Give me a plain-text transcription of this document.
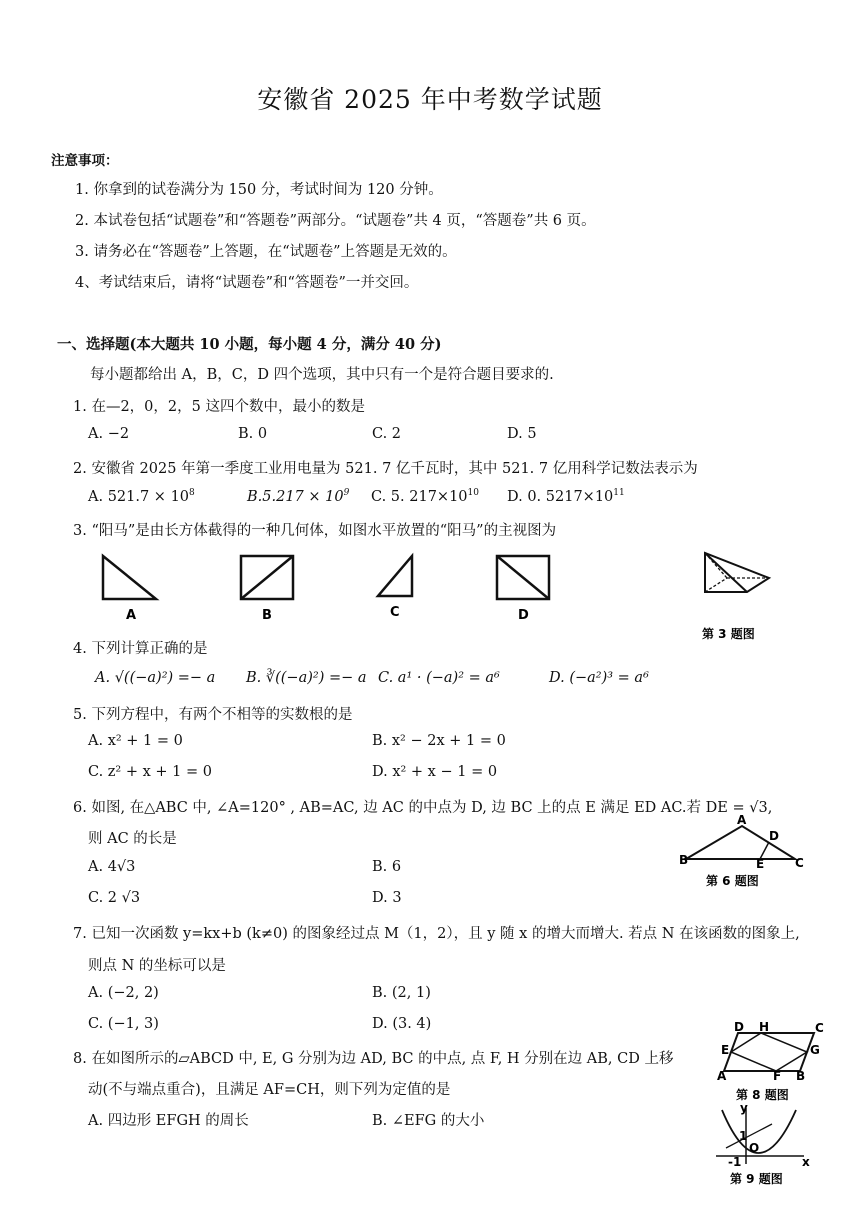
安徽省 2025 年中考数学试题
注意事项：
1. 你拿到的试卷满分为 150 分，考试时间为 120 分钟。
2. 本试卷包括“试题卷”和“答题卷”两部分。“试题卷”共 4 页，“答题卷”共 6 页。
3. 请务必在“答题卷”上答题，在“试题卷”上答题是无效的。
4、考试结束后，请将“试题卷”和“答题卷”一并交回。
一、选择题(本大题共 10 小题，每小题 4 分，满分 40 分)
每小题都给出 A，B，C，D 四个选项，其中只有一个是符合题目要求的.
1. 在—2，0，2，5 这四个数中，最小的数是
A. −2	B. 0	C. 2	D. 5
2. 安徽省 2025 年第一季度工业用电量为 521. 7 亿千瓦时，其中 521. 7 亿用科学记数法表示为
A. $521.7 \times 10^8$	$B.5.217 \times 10^9$ C. 5. $217\times 10^{10}$ D. 0. $5217\times 10^{11}$
3. “阳马”是由长方体截得的一种几何体，如图水平放置的“阳马”的主视图为
A	B	C	D
第 3 题图
4. 下列计算正确的是
A. √((−a)²) =− a B. ∛((−a)²) =− a C. a¹ · (−a)² = a⁶	D. (−a²)³ = a⁶
5. 下列方程中，有两个不相等的实数根的是
A. x² + 1 = 0	B. x² − 2x + 1 = 0
C. z² + x + 1 = 0	D. x² + x − 1 = 0
6. 如图, 在△ABC 中, ∠A=120° , AB=AC, 边 AC 的中点为 D, 边 BC 上的点 E 满足 ED AC.若 DE = √3,
则 AC 的长是
A. 4√3	B. 6
C. 2 √3	D. 3
A
D
B	E	C
第 6 题图
7. 已知一次函数 y=kx+b (k≠0) 的图象经过点 M（1，2），且 y 随 x 的增大而增大. 若点 N 在该函数的图象上,
则点 N 的坐标可以是
A. (−2, 2)	B. (2, 1)
C. (−1, 3)	D. (3. 4)
8. 在如图所示的▱ABCD 中, E, G 分别为边 AD, BC 的中点, 点 F, H 分别在边 AB, CD 上移
动(不与端点重合)，且满足 AF=CH，则下列为定值的是
A. 四边形 EFGH 的周长	B. ∠EFG 的大小
D H	C
E	G
A	F B
第 8 题图
y
1
O
-1	x
第 9 题图
